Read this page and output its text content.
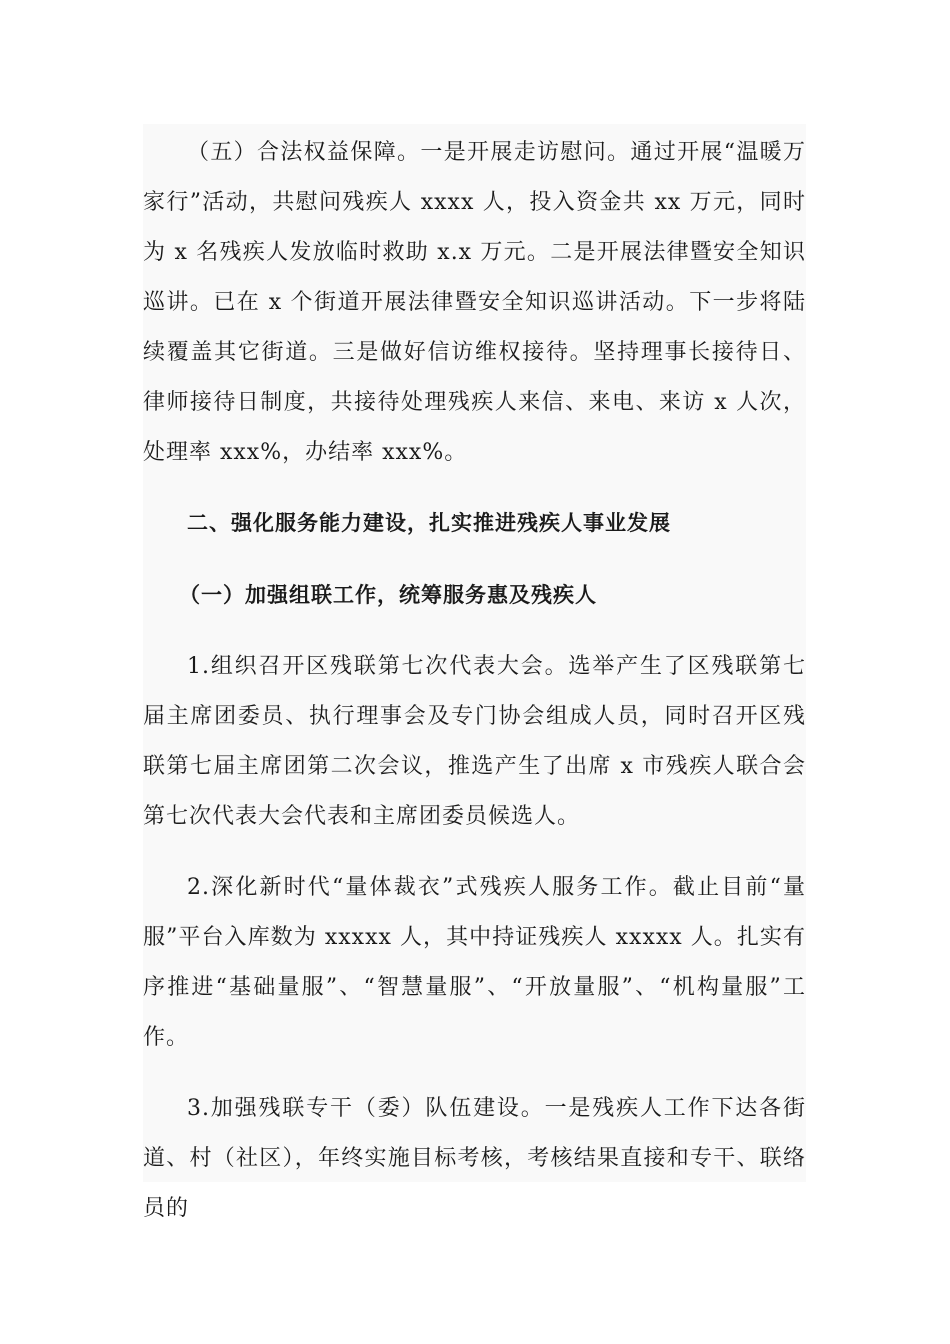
（五）合法权益保障。一是开展走访慰问。通过开展“温暖万家行”活动，共慰问残疾人 xxxx 人，投入资金共 xx 万元，同时为 x 名残疾人发放临时救助 x.x 万元。二是开展法律暨安全知识巡讲。已在 x 个街道开展法律暨安全知识巡讲活动。下一步将陆续覆盖其它街道。三是做好信访维权接待。坚持理事长接待日、律师接待日制度，共接待处理残疾人来信、来电、来访 x 人次，处理率 xxx%，办结率 xxx%。

二、强化服务能力建设，扎实推进残疾人事业发展
（一）加强组联工作，统筹服务惠及残疾人

1.组织召开区残联第七次代表大会。选举产生了区残联第七届主席团委员、执行理事会及专门协会组成人员，同时召开区残联第七届主席团第二次会议，推选产生了出席 x 市残疾人联合会第七次代表大会代表和主席团委员候选人。

2.深化新时代“量体裁衣”式残疾人服务工作。截止目前“量服”平台入库数为 xxxxx 人，其中持证残疾人 xxxxx 人。扎实有序推进“基础量服”、“智慧量服”、“开放量服”、“机构量服”工作。

3.加强残联专干（委）队伍建设。一是残疾人工作下达各街道、村（社区），年终实施目标考核，考核结果直接和专干、联络员的
